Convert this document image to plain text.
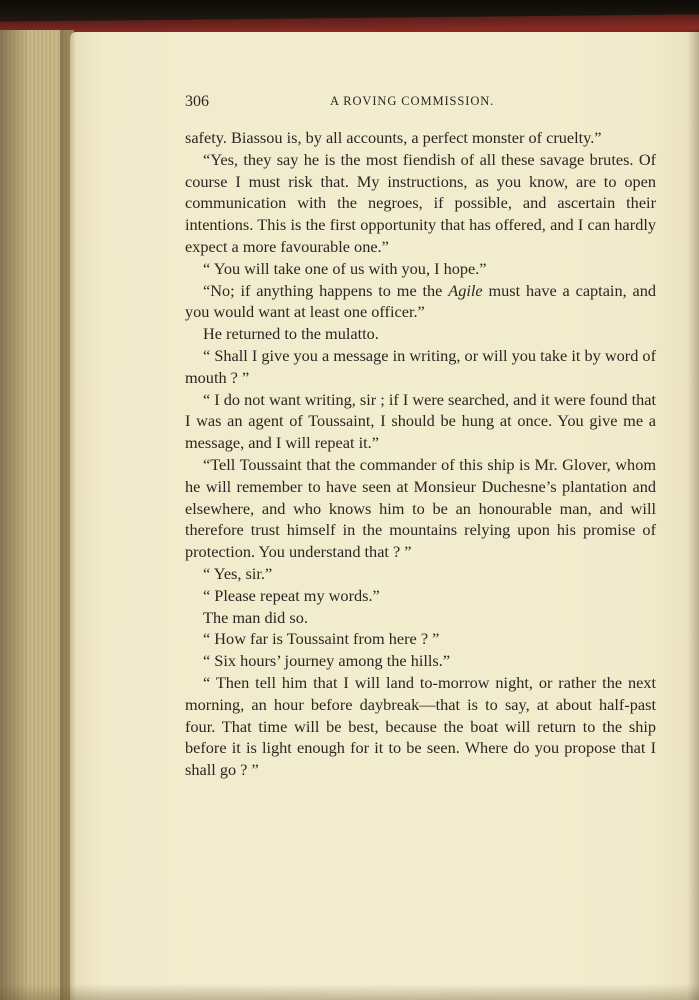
306	A ROVING COMMISSION.

safety. Biassou is, by all accounts, a perfect monster of cruelty.”

“Yes, they say he is the most fiendish of all these savage brutes. Of course I must risk that. My instructions, as you know, are to open communication with the negroes, if possible, and ascertain their intentions. This is the first opportunity that has offered, and I can hardly expect a more favourable one.”

“ You will take one of us with you, I hope.”

“No; if anything happens to me the Agile must have a captain, and you would want at least one officer.”

He returned to the mulatto.

“ Shall I give you a message in writing, or will you take it by word of mouth ? ”

“ I do not want writing, sir ; if I were searched, and it were found that I was an agent of Toussaint, I should be hung at once. You give me a message, and I will repeat it.”

“Tell Toussaint that the commander of this ship is Mr. Glover, whom he will remember to have seen at Monsieur Duchesne’s plantation and elsewhere, and who knows him to be an honourable man, and will therefore trust himself in the mountains relying upon his promise of protection. You understand that ? ”

“ Yes, sir.”

“ Please repeat my words.”

The man did so.

“ How far is Toussaint from here ? ”

“ Six hours’ journey among the hills.”

“ Then tell him that I will land to-morrow night, or rather the next morning, an hour before daybreak—that is to say, at about half-past four. That time will be best, because the boat will return to the ship before it is light enough for it to be seen. Where do you propose that I shall go ? ”
